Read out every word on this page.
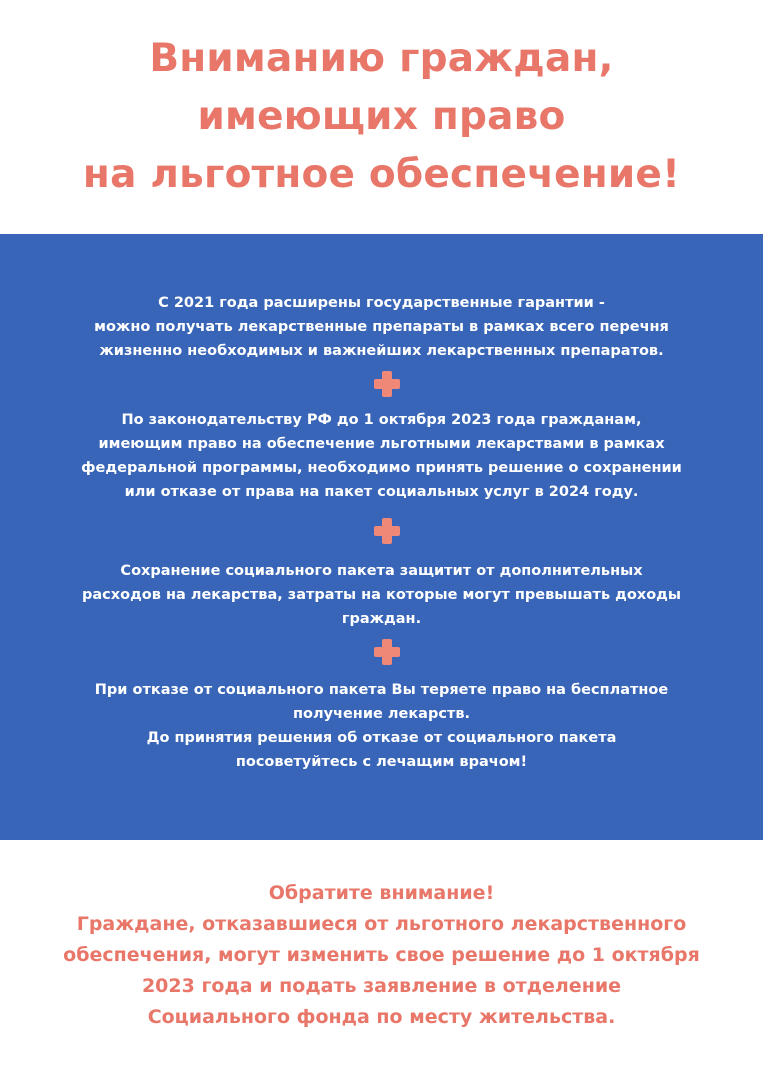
Вниманию граждан,
имеющих право
на льготное обеспечение!
С 2021 года расширены государственные гарантии -
можно получать лекарственные препараты в рамках всего перечня
жизненно необходимых и важнейших лекарственных препаратов.
По законодательству РФ до 1 октября 2023 года гражданам,
имеющим право на обеспечение льготными лекарствами в рамках
федеральной программы, необходимо принять решение о сохранении
или отказе от права на пакет социальных услуг в 2024 году.
Сохранение социального пакета защитит от дополнительных
расходов на лекарства, затраты на которые могут превышать доходы
граждан.
При отказе от социального пакета Вы теряете право на бесплатное
получение лекарств.
До принятия решения об отказе от социального пакета
посоветуйтесь с лечащим врачом!
Обратите внимание!
Граждане, отказавшиеся от льготного лекарственного
обеспечения, могут изменить свое решение до 1 октября
2023 года и подать заявление в отделение
Социального фонда по месту жительства.
